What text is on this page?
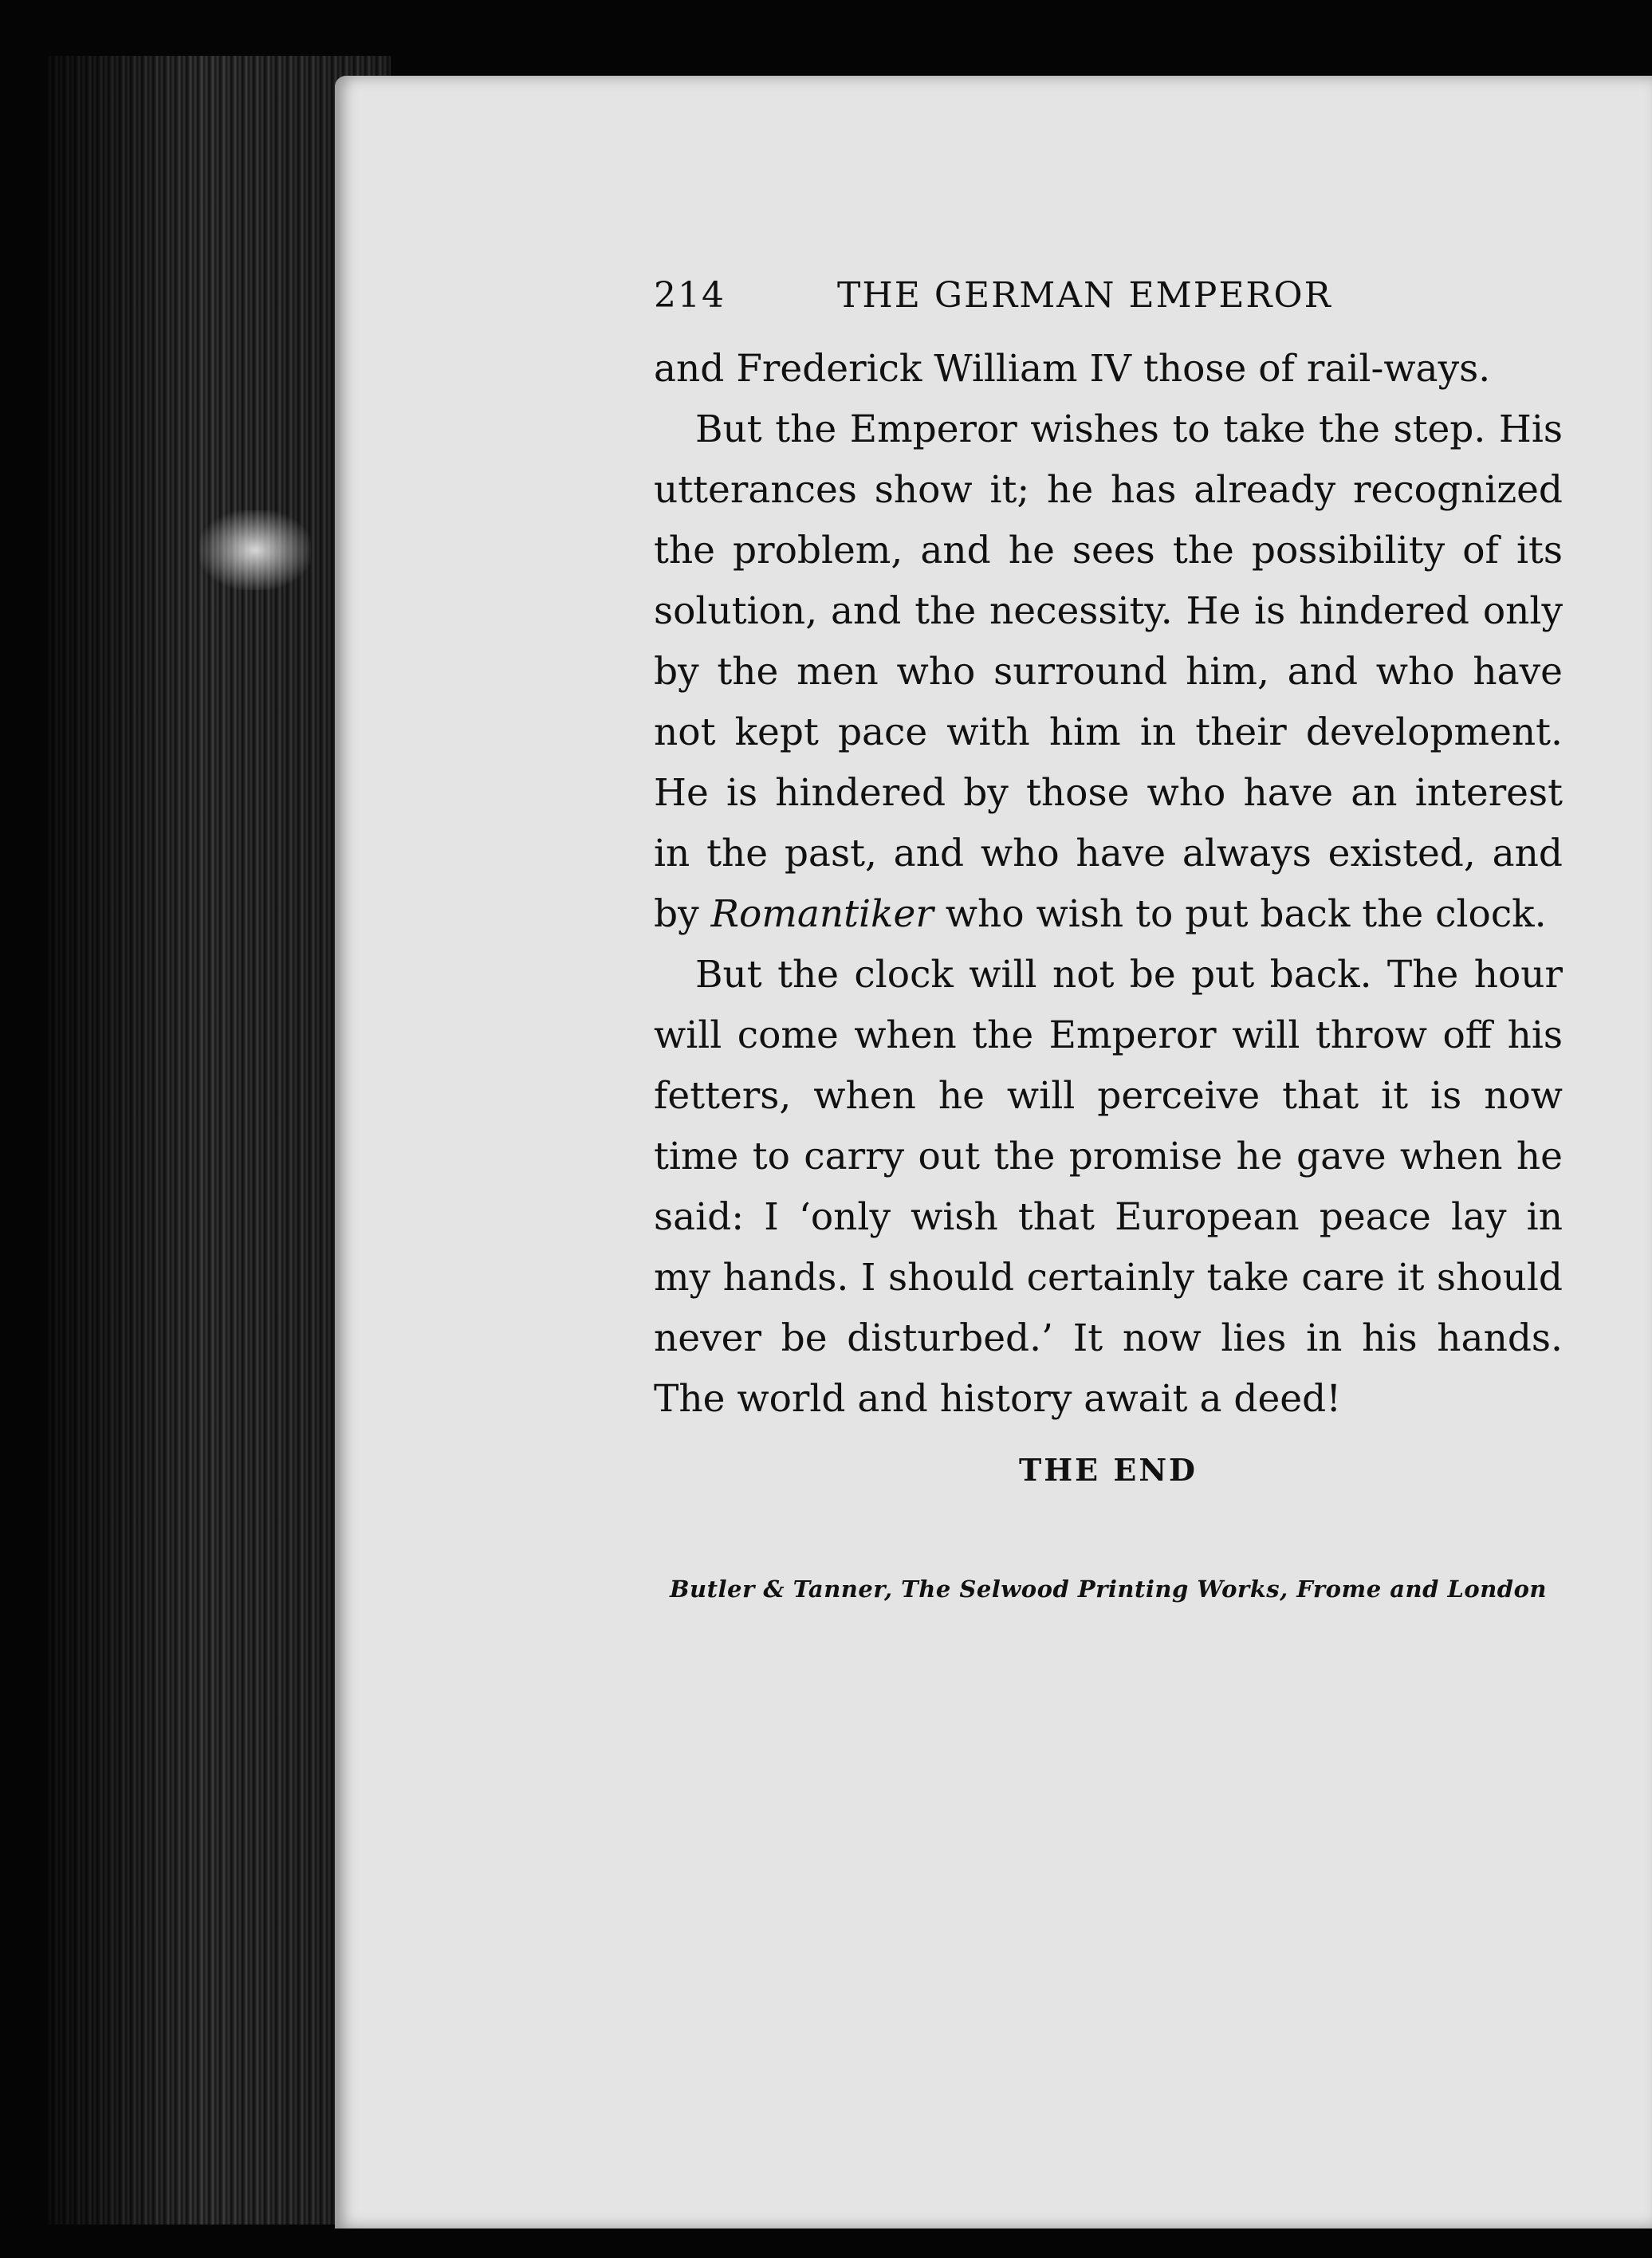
214	THE GERMAN EMPEROR

and Frederick William IV those of rail-ways.

But the Emperor wishes to take the step. His utterances show it; he has already recognized the problem, and he sees the possibility of its solution, and the necessity. He is hindered only by the men who surround him, and who have not kept pace with him in their development. He is hindered by those who have an interest in the past, and who have always existed, and by Romantiker who wish to put back the clock.

But the clock will not be put back. The hour will come when the Emperor will throw off his fetters, when he will perceive that it is now time to carry out the promise he gave when he said: I ‘only wish that European peace lay in my hands. I should certainly take care it should never be disturbed.’ It now lies in his hands. The world and history await a deed!

THE END
Butler & Tanner, The Selwood Printing Works, Frome and London
